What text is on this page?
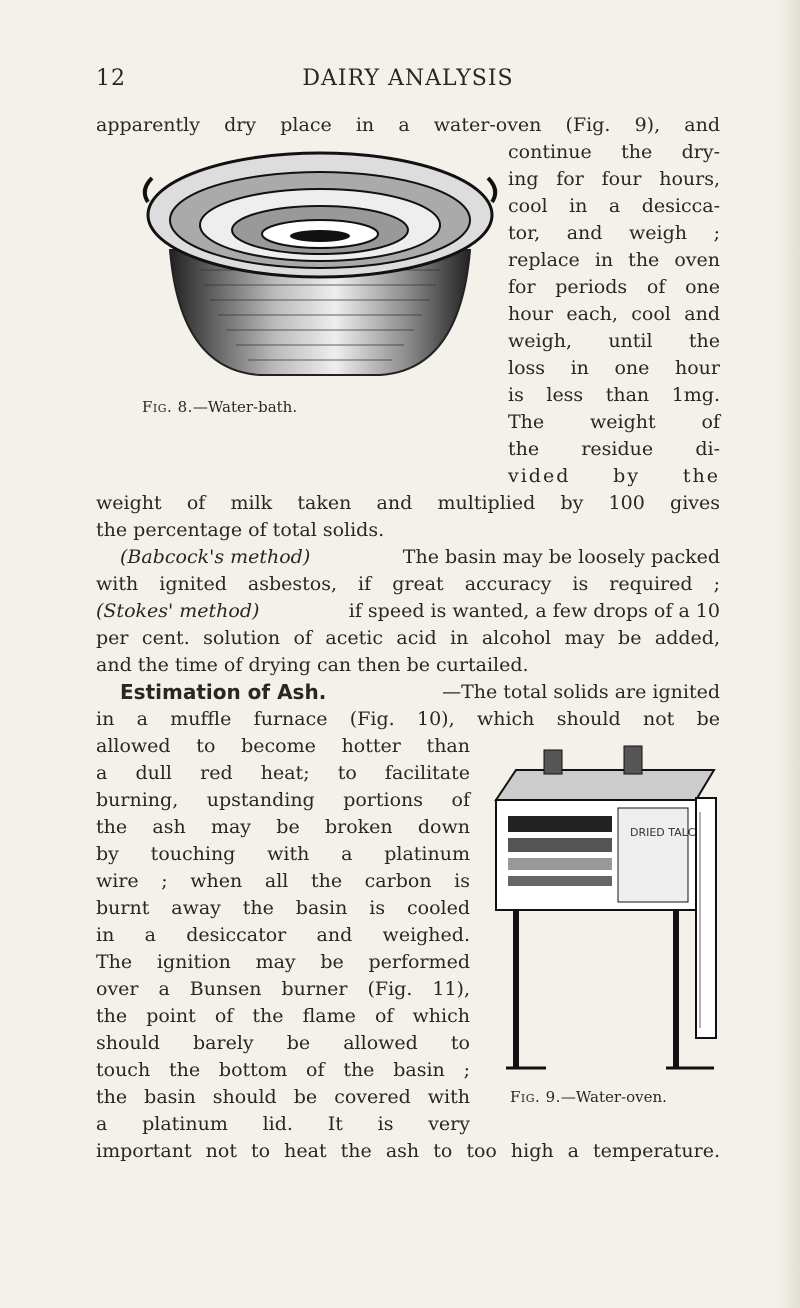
12	DAIRY ANALYSIS
Fig. 8.—Water-bath.
DRIED TALC
Fig. 9.—Water-oven.
apparently dry place in a water-oven (Fig. 9), and
continue the dry-
ing for four hours,
cool in a desicca-
tor, and weigh ;
replace in the oven
for periods of one
hour each, cool and
weigh, until the
loss in one hour
is less than 1mg.
The weight of
the residue di-
vided by the
weight of milk taken and multiplied by 100 gives
the percentage of total solids.
(Babcock's method)	The basin may be loosely packed
with ignited asbestos, if great accuracy is required ;
(Stokes' method)	if speed is wanted, a few drops of a 10
per cent. solution of acetic acid in alcohol may be added,
and the time of drying can then be curtailed.
Estimation of Ash.	—The total solids are ignited
in a muffle furnace (Fig. 10), which should not be
allowed to become hotter than
a dull red heat; to facilitate
burning, upstanding portions of
the ash may be broken down
by touching with a platinum
wire ; when all the carbon is
burnt away the basin is cooled
in a desiccator and weighed.
The ignition may be performed
over a Bunsen burner (Fig. 11),
the point of the flame of which
should barely be allowed to
touch the bottom of the basin ;
the basin should be covered with
a platinum lid. It is very
important not to heat the ash to too high a temperature.
